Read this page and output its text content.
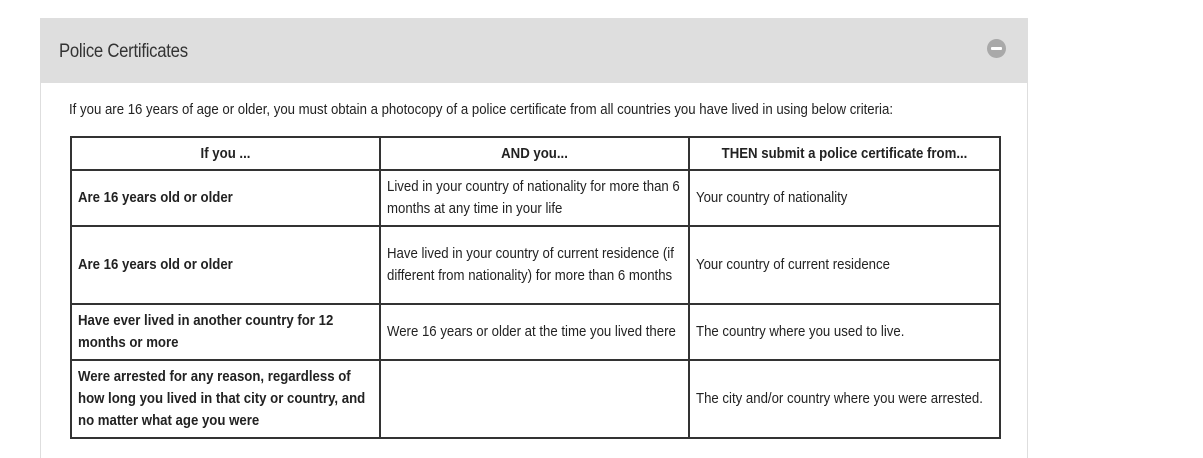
Police Certificates
If you are 16 years of age or older, you must obtain a photocopy of a police certificate from all countries you have lived in using below criteria:
If you ...	AND you...	THEN submit a police certificate from...

Are 16 years old or older	Lived in your country of nationality for more than 6 months at any time in your life	Your country of nationality

Are 16 years old or older	Have lived in your country of current residence (if different from nationality) for more than 6 months	Your country of current residence

Have ever lived in another country for 12 months or more	Were 16 years or older at the time you lived there	The country where you used to live.

Were arrested for any reason, regardless of how long you lived in that city or country, and no matter what age you were		The city and/or country where you were arrested.
